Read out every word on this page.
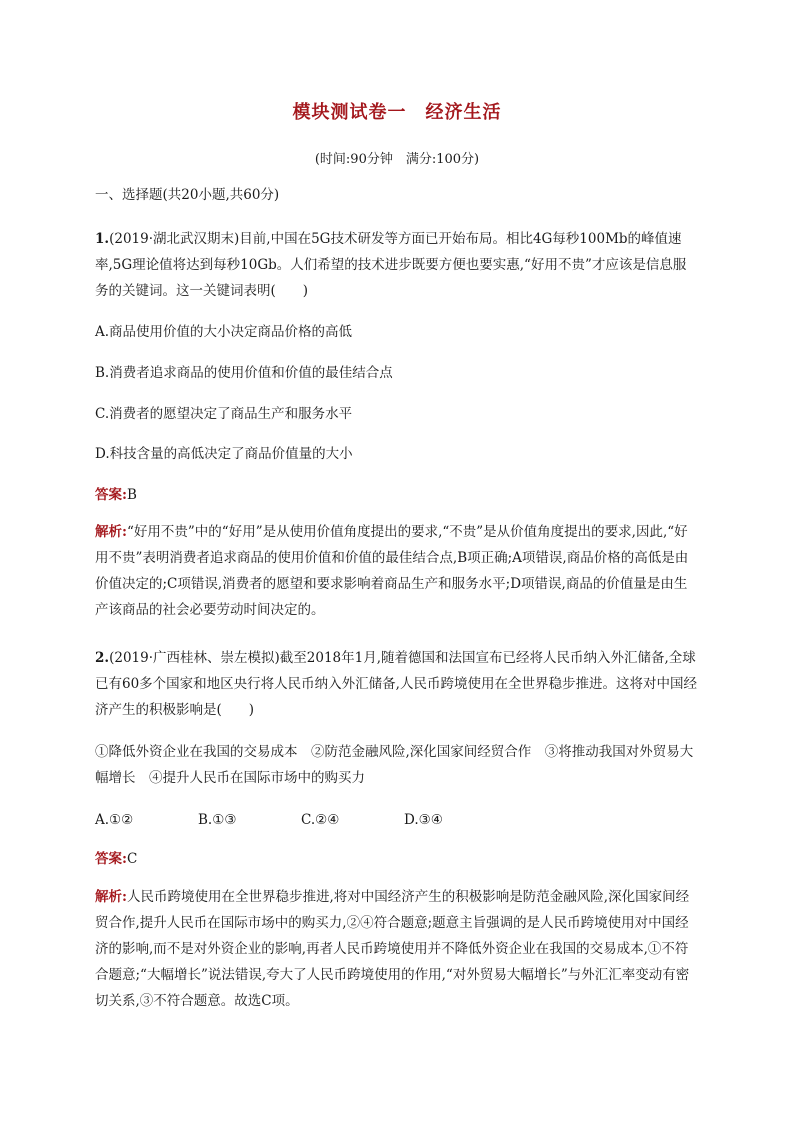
模块测试卷一　经济生活
(时间:90分钟　满分:100分)
一、选择题(共20小题,共60分)
1.(2019·湖北武汉期末)目前,中国在5G技术研发等方面已开始布局。相比4G每秒100Mb的峰值速率,5G理论值将达到每秒10Gb。人们希望的技术进步既要方便也要实惠,“好用不贵”才应该是信息服务的关键词。这一关键词表明(　　)
A.商品使用价值的大小决定商品价格的高低
B.消费者追求商品的使用价值和价值的最佳结合点
C.消费者的愿望决定了商品生产和服务水平
D.科技含量的高低决定了商品价值量的大小
答案:B
解析:“好用不贵”中的“好用”是从使用价值角度提出的要求,“不贵”是从价值角度提出的要求,因此,“好用不贵”表明消费者追求商品的使用价值和价值的最佳结合点,B项正确;A项错误,商品价格的高低是由价值决定的;C项错误,消费者的愿望和要求影响着商品生产和服务水平;D项错误,商品的价值量是由生产该商品的社会必要劳动时间决定的。
2.(2019·广西桂林、崇左模拟)截至2018年1月,随着德国和法国宣布已经将人民币纳入外汇储备,全球已有60多个国家和地区央行将人民币纳入外汇储备,人民币跨境使用在全世界稳步推进。这将对中国经济产生的积极影响是(　　)
①降低外资企业在我国的交易成本　②防范金融风险,深化国家间经贸合作　③将推动我国对外贸易大幅增长　④提升人民币在国际市场中的购买力
A.①②	B.①③	C.②④	D.③④
答案:C
解析:人民币跨境使用在全世界稳步推进,将对中国经济产生的积极影响是防范金融风险,深化国家间经贸合作,提升人民币在国际市场中的购买力,②④符合题意;题意主旨强调的是人民币跨境使用对中国经济的影响,而不是对外资企业的影响,再者人民币跨境使用并不降低外资企业在我国的交易成本,①不符合题意;“大幅增长”说法错误,夸大了人民币跨境使用的作用,“对外贸易大幅增长”与外汇汇率变动有密切关系,③不符合题意。故选C项。
